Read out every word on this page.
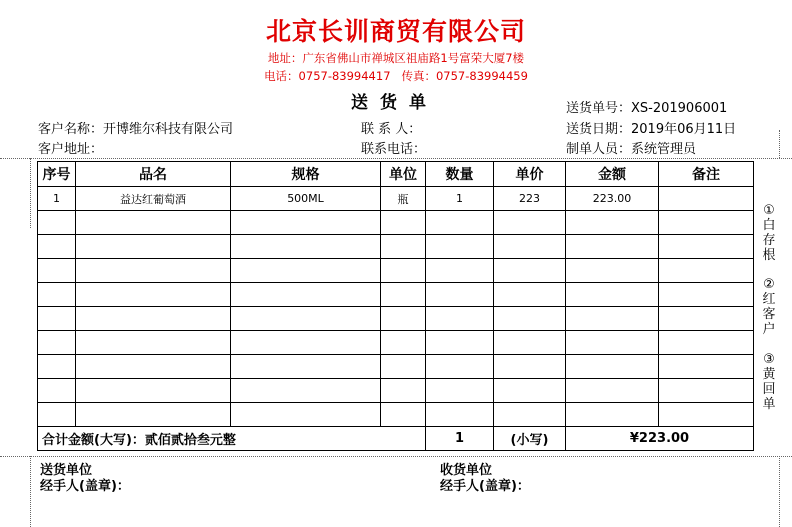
北京长训商贸有限公司
地址：广东省佛山市禅城区祖庙路1号富荣大厦7楼
电话：0757-83994417   传真：0757-83994459
送货单	送货单号：XS-201906001
客户名称：开博维尔科技有限公司	联 系 人：	送货日期：2019年06月11日
客户地址：	联系电话：	制单人员：系统管理员
序号	品名	规格	单位	数量	单价	金额	备注
1	益达红葡萄酒	500ML	瓶	1	223	223.00	

合计金额(大写)：贰佰贰拾叁元整				1	(小写)	¥223.00	
①
白
存
根
②
红
客
户
③
黄
回
单
送货单位
经手人(盖章)：
收货单位
经手人(盖章)：
